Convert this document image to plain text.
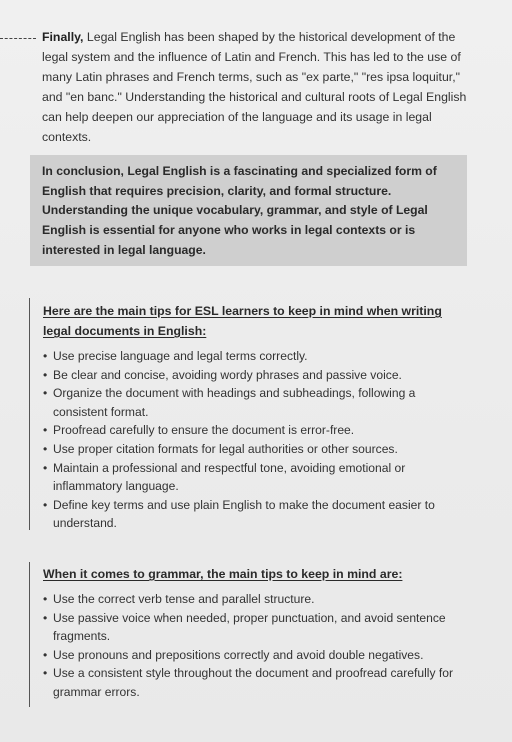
Finally, Legal English has been shaped by the historical development of the legal system and the influence of Latin and French. This has led to the use of many Latin phrases and French terms, such as "ex parte," "res ipsa loquitur," and "en banc." Understanding the historical and cultural roots of Legal English can help deepen our appreciation of the language and its usage in legal contexts.

In conclusion, Legal English is a fascinating and specialized form of English that requires precision, clarity, and formal structure. Understanding the unique vocabulary, grammar, and style of Legal English is essential for anyone who works in legal contexts or is interested in legal language.

Here are the main tips for ESL learners to keep in mind when writing legal documents in English:

• Use precise language and legal terms correctly.
• Be clear and concise, avoiding wordy phrases and passive voice.
• Organize the document with headings and subheadings, following a consistent format.
• Proofread carefully to ensure the document is error-free.
• Use proper citation formats for legal authorities or other sources.
• Maintain a professional and respectful tone, avoiding emotional or inflammatory language.
• Define key terms and use plain English to make the document easier to understand.

When it comes to grammar, the main tips to keep in mind are:

• Use the correct verb tense and parallel structure.
• Use passive voice when needed, proper punctuation, and avoid sentence fragments.
• Use pronouns and prepositions correctly and avoid double negatives.
• Use a consistent style throughout the document and proofread carefully for grammar errors.
